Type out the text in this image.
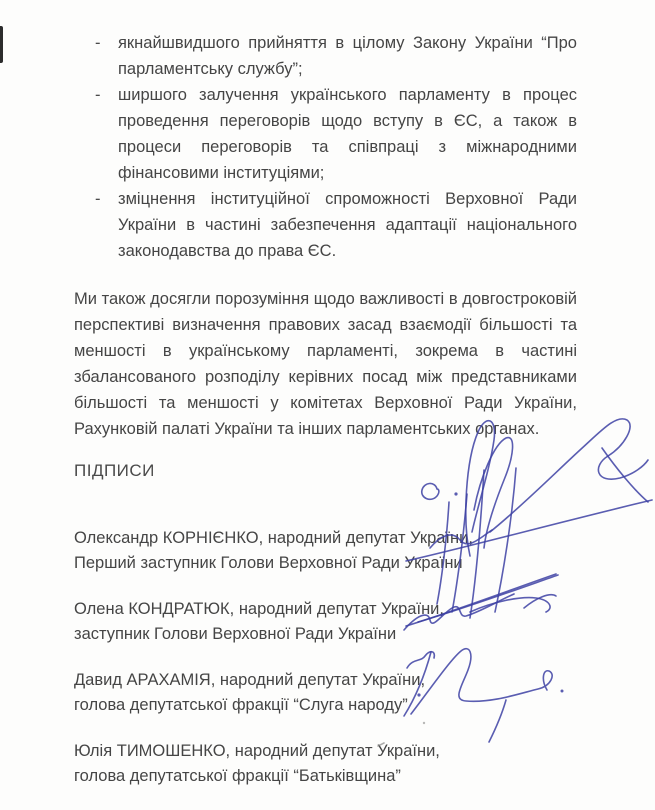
-	якнайшвидшого прийняття в цілому Закону України “Про парламентську службу”;
-	ширшого залучення українського парламенту в процес проведення переговорів щодо вступу в ЄС, а також в процеси переговорів та співпраці з міжнародними фінансовими інституціями;
-	зміцнення інституційної спроможності Верховної Ради України в частині забезпечення адаптації національного законодавства до права ЄС.
Ми також досягли порозуміння щодо важливості в довгостроковій перспективі визначення правових засад взаємодії більшості та меншості в українському парламенті, зокрема в частині збалансованого розподілу керівних посад між представниками більшості та меншості у комітетах Верховної Ради України, Рахунковій палаті України та інших парламентських органах.
ПІДПИСИ
Олександр КОРНІЄНКО, народний депутат України,
Перший заступник Голови Верховної Ради України
Олена КОНДРАТЮК, народний депутат України,
заступник Голови Верховної Ради України
Давид АРАХАМІЯ, народний депутат України,
голова депутатської фракції “Слуга народу”
Юлія ТИМОШЕНКО, народний депутат України,
голова депутатської фракції “Батьківщина”
